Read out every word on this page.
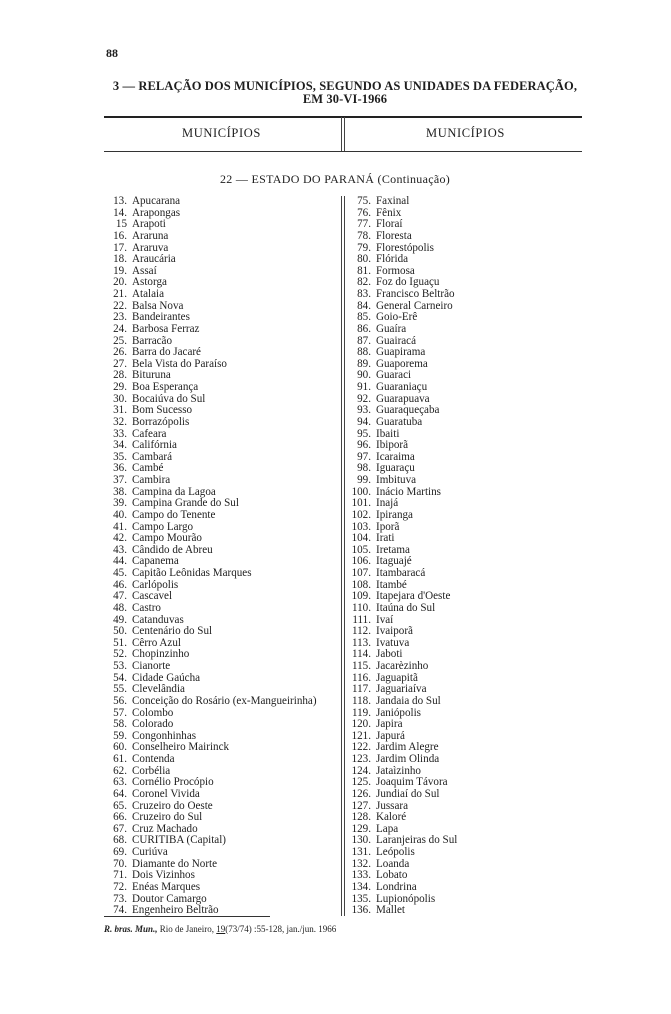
88
3 — RELAÇÃO DOS MUNICÍPIOS, SEGUNDO AS UNIDADES DA FEDERAÇÃO,
EM 30-VI-1966
MUNICÍPIOS	MUNICÍPIOS
22 — ESTADO DO PARANÁ (Continuação)
13. Apucarana
14. Arapongas
15 Arapoti
16. Araruna
17. Araruva
18. Araucária
19. Assaí
20. Astorga
21. Atalaia
22. Balsa Nova
23. Bandeirantes
24. Barbosa Ferraz
25. Barracão
26. Barra do Jacaré
27. Bela Vista do Paraíso
28. Bituruna
29. Boa Esperança
30. Bocaiúva do Sul
31. Bom Sucesso
32. Borrazópolis
33. Cafeara
34. Califórnia
35. Cambará
36. Cambé
37. Cambira
38. Campina da Lagoa
39. Campina Grande do Sul
40. Campo do Tenente
41. Campo Largo
42. Campo Mourão
43. Cândido de Abreu
44. Capanema
45. Capitão Leônidas Marques
46. Carlópolis
47. Cascavel
48. Castro
49. Catanduvas
50. Centenário do Sul
51. Cêrro Azul
52. Chopinzinho
53. Cianorte
54. Cidade Gaúcha
55. Clevelândia
56. Conceição do Rosário (ex-Mangueirinha)
57. Colombo
58. Colorado
59. Congonhinhas
60. Conselheiro Mairinck
61. Contenda
62. Corbélia
63. Cornélio Procópio
64. Coronel Vivida
65. Cruzeiro do Oeste
66. Cruzeiro do Sul
67. Cruz Machado
68. CURITIBA (Capital)
69. Curiúva
70. Diamante do Norte
71. Dois Vizinhos
72. Enéas Marques
73. Doutor Camargo
74. Engenheiro Beltrão
75. Faxinal
76. Fênix
77. Floraí
78. Floresta
79. Florestópolis
80. Flórida
81. Formosa
82. Foz do Iguaçu
83. Francisco Beltrão
84. General Carneiro
85. Goio-Erê
86. Guaíra
87. Guairacá
88. Guapirama
89. Guaporema
90. Guaraci
91. Guaraniaçu
92. Guarapuava
93. Guaraqueçaba
94. Guaratuba
95. Ibaiti
96. Ibiporã
97. Icaraima
98. Iguaraçu
99. Imbituva
100. Inácio Martins
101. Inajá
102. Ipiranga
103. Iporã
104. Irati
105. Iretama
106. Itaguajé
107. Itambaracá
108. Itambé
109. Itapejara d'Oeste
110. Itaúna do Sul
111. Ivaí
112. Ivaiporã
113. Ivatuva
114. Jaboti
115. Jacarèzinho
116. Jaguapitã
117. Jaguariaíva
118. Jandaia do Sul
119. Janiópolis
120. Japira
121. Japurá
122. Jardim Alegre
123. Jardim Olinda
124. Jataìzinho
125. Joaquim Távora
126. Jundiaí do Sul
127. Jussara
128. Kaloré
129. Lapa
130. Laranjeiras do Sul
131. Leópolis
132. Loanda
133. Lobato
134. Londrina
135. Lupionópolis
136. Mallet
R. bras. Mun., Rio de Janeiro, 19(73/74) :55-128, jan./jun. 1966
